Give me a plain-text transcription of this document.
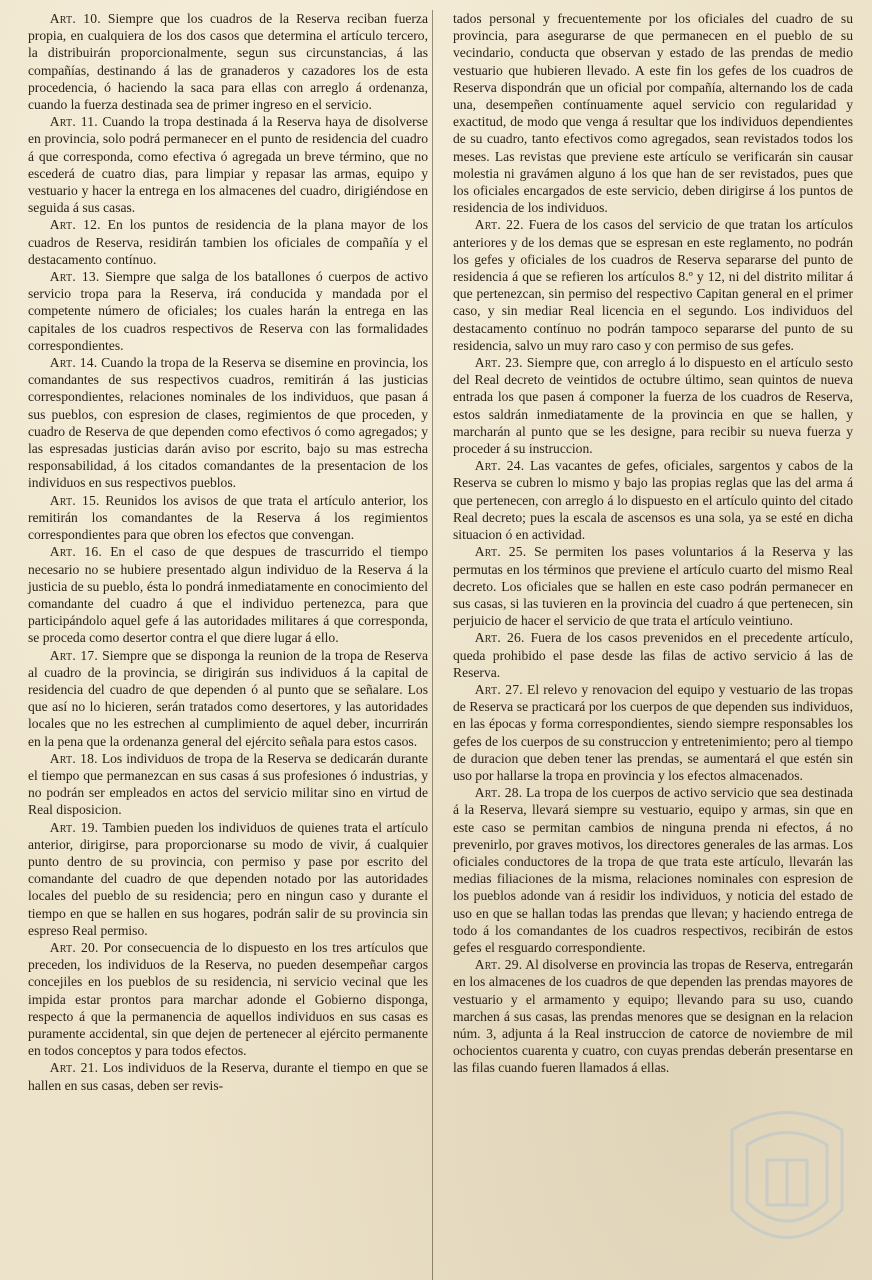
Art. 10. Siempre que los cuadros de la Reserva reciban fuerza propia, en cualquiera de los dos casos que determina el artículo tercero, la distribuirán proporcionalmente, segun sus circunstancias, á las compañías, destinando á las de granaderos y cazadores los de esta procedencia, ó haciendo la saca para ellas con arreglo á ordenanza, cuando la fuerza destinada sea de primer ingreso en el servicio.

Art. 11. Cuando la tropa destinada á la Reserva haya de disolverse en provincia, solo podrá permanecer en el punto de residencia del cuadro á que corresponda, como efectiva ó agregada un breve término, que no escederá de cuatro dias, para limpiar y repasar las armas, equipo y vestuario y hacer la entrega en los almacenes del cuadro, dirigiéndose en seguida á sus casas.

Art. 12. En los puntos de residencia de la plana mayor de los cuadros de Reserva, residirán tambien los oficiales de compañía y el destacamento contínuo.

Art. 13. Siempre que salga de los batallones ó cuerpos de activo servicio tropa para la Reserva, irá conducida y mandada por el competente número de oficiales; los cuales harán la entrega en las capitales de los cuadros respectivos de Reserva con las formalidades correspondientes.

Art. 14. Cuando la tropa de la Reserva se disemine en provincia, los comandantes de sus respectivos cuadros, remitirán á las justicias correspondientes, relaciones nominales de los individuos, que pasan á sus pueblos, con espresion de clases, regimientos de que proceden, y cuadro de Reserva de que dependen como efectivos ó como agregados; y las espresadas justicias darán aviso por escrito, bajo su mas estrecha responsabilidad, á los citados comandantes de la presentacion de los individuos en sus respectivos pueblos.

Art. 15. Reunidos los avisos de que trata el artículo anterior, los remitirán los comandantes de la Reserva á los regimientos correspondientes para que obren los efectos que convengan.

Art. 16. En el caso de que despues de trascurrido el tiempo necesario no se hubiere presentado algun individuo de la Reserva á la justicia de su pueblo, ésta lo pondrá inmediatamente en conocimiento del comandante del cuadro á que el individuo pertenezca, para que participándolo aquel gefe á las autoridades militares á que corresponda, se proceda como desertor contra el que diere lugar á ello.

Art. 17. Siempre que se disponga la reunion de la tropa de Reserva al cuadro de la provincia, se dirigirán sus individuos á la capital de residencia del cuadro de que dependen ó al punto que se señalare. Los que así no lo hicieren, serán tratados como desertores, y las autoridades locales que no les estrechen al cumplimiento de aquel deber, incurrirán en la pena que la ordenanza general del ejército señala para estos casos.

Art. 18. Los individuos de tropa de la Reserva se dedicarán durante el tiempo que permanezcan en sus casas á sus profesiones ó industrias, y no podrán ser empleados en actos del servicio militar sino en virtud de Real disposicion.

Art. 19. Tambien pueden los individuos de quienes trata el artículo anterior, dirigirse, para proporcionarse su modo de vivir, á cualquier punto dentro de su provincia, con permiso y pase por escrito del comandante del cuadro de que dependen notado por las autoridades locales del pueblo de su residencia; pero en ningun caso y durante el tiempo en que se hallen en sus hogares, podrán salir de su provincia sin espreso Real permiso.

Art. 20. Por consecuencia de lo dispuesto en los tres artículos que preceden, los individuos de la Reserva, no pueden desempeñar cargos concejiles en los pueblos de su residencia, ni servicio vecinal que les impida estar prontos para marchar adonde el Gobierno disponga, respecto á que la permanencia de aquellos individuos en sus casas es puramente accidental, sin que dejen de pertenecer al ejército permanente en todos conceptos y para todos efectos.

Art. 21. Los individuos de la Reserva, durante el tiempo en que se hallen en sus casas, deben ser revis-

tados personal y frecuentemente por los oficiales del cuadro de su provincia, para asegurarse de que permanecen en el pueblo de su vecindario, conducta que observan y estado de las prendas de medio vestuario que hubieren llevado. A este fin los gefes de los cuadros de Reserva dispondrán que un oficial por compañía, alternando los de cada una, desempeñen contínuamente aquel servicio con regularidad y exactitud, de modo que venga á resultar que los individuos dependientes de su cuadro, tanto efectivos como agregados, sean revistados todos los meses. Las revistas que previene este artículo se verificarán sin causar molestia ni gravámen alguno á los que han de ser revistados, pues que los oficiales encargados de este servicio, deben dirigirse á los puntos de residencia de los individuos.

Art. 22. Fuera de los casos del servicio de que tratan los artículos anteriores y de los demas que se espresan en este reglamento, no podrán los gefes y oficiales de los cuadros de Reserva separarse del punto de residencia á que se refieren los artículos 8.º y 12, ni del distrito militar á que pertenezcan, sin permiso del respectivo Capitan general en el primer caso, y sin mediar Real licencia en el segundo. Los individuos del destacamento contínuo no podrán tampoco separarse del punto de su residencia, salvo un muy raro caso y con permiso de sus gefes.

Art. 23. Siempre que, con arreglo á lo dispuesto en el artículo sesto del Real decreto de veintidos de octubre último, sean quintos de nueva entrada los que pasen á componer la fuerza de los cuadros de Reserva, estos saldrán inmediatamente de la provincia en que se hallen, y marcharán al punto que se les designe, para recibir su nueva fuerza y proceder á su instruccion.

Art. 24. Las vacantes de gefes, oficiales, sargentos y cabos de la Reserva se cubren lo mismo y bajo las propias reglas que las del arma á que pertenecen, con arreglo á lo dispuesto en el artículo quinto del citado Real decreto; pues la escala de ascensos es una sola, ya se esté en dicha situacion ó en actividad.

Art. 25. Se permiten los pases voluntarios á la Reserva y las permutas en los términos que previene el artículo cuarto del mismo Real decreto. Los oficiales que se hallen en este caso podrán permanecer en sus casas, si las tuvieren en la provincia del cuadro á que pertenecen, sin perjuicio de hacer el servicio de que trata el artículo veintiuno.

Art. 26. Fuera de los casos prevenidos en el precedente artículo, queda prohibido el pase desde las filas de activo servicio á las de Reserva.

Art. 27. El relevo y renovacion del equipo y vestuario de las tropas de Reserva se practicará por los cuerpos de que dependen sus individuos, en las épocas y forma correspondientes, siendo siempre responsables los gefes de los cuerpos de su construccion y entretenimiento; pero al tiempo de duracion que deben tener las prendas, se aumentará el que estén sin uso por hallarse la tropa en provincia y los efectos almacenados.

Art. 28. La tropa de los cuerpos de activo servicio que sea destinada á la Reserva, llevará siempre su vestuario, equipo y armas, sin que en este caso se permitan cambios de ninguna prenda ni efectos, á no prevenirlo, por graves motivos, los directores generales de las armas. Los oficiales conductores de la tropa de que trata este artículo, llevarán las medias filiaciones de la misma, relaciones nominales con espresion de los pueblos adonde van á residir los individuos, y noticia del estado de uso en que se hallan todas las prendas que llevan; y haciendo entrega de todo á los comandantes de los cuadros respectivos, recibirán de estos gefes el resguardo correspondiente.

Art. 29. Al disolverse en provincia las tropas de Reserva, entregarán en los almacenes de los cuadros de que dependen las prendas mayores de vestuario y el armamento y equipo; llevando para su uso, cuando marchen á sus casas, las prendas menores que se designan en la relacion núm. 3, adjunta á la Real instruccion de catorce de noviembre de mil ochocientos cuarenta y cuatro, con cuyas prendas deberán presentarse en las filas cuando fueren llamados á ellas.
